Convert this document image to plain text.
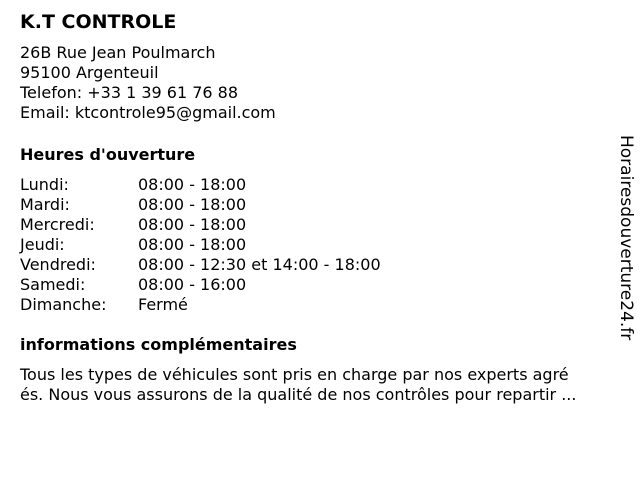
K.T CONTROLE
26B Rue Jean Poulmarch
95100 Argenteuil
Telefon: +33 1 39 61 76 88
Email: ktcontrole95@gmail.com
Heures d'ouverture
Lundi:	08:00 - 18:00
Mardi:	08:00 - 18:00
Mercredi:	08:00 - 18:00
Jeudi:	08:00 - 18:00
Vendredi:	08:00 - 12:30 et 14:00 - 18:00
Samedi:	08:00 - 16:00
Dimanche: Fermé
informations complémentaires
Tous les types de véhicules sont pris en charge par nos experts agré
és. Nous vous assurons de la qualité de nos contrôles pour repartir ...
Horairesdouverture24.fr
